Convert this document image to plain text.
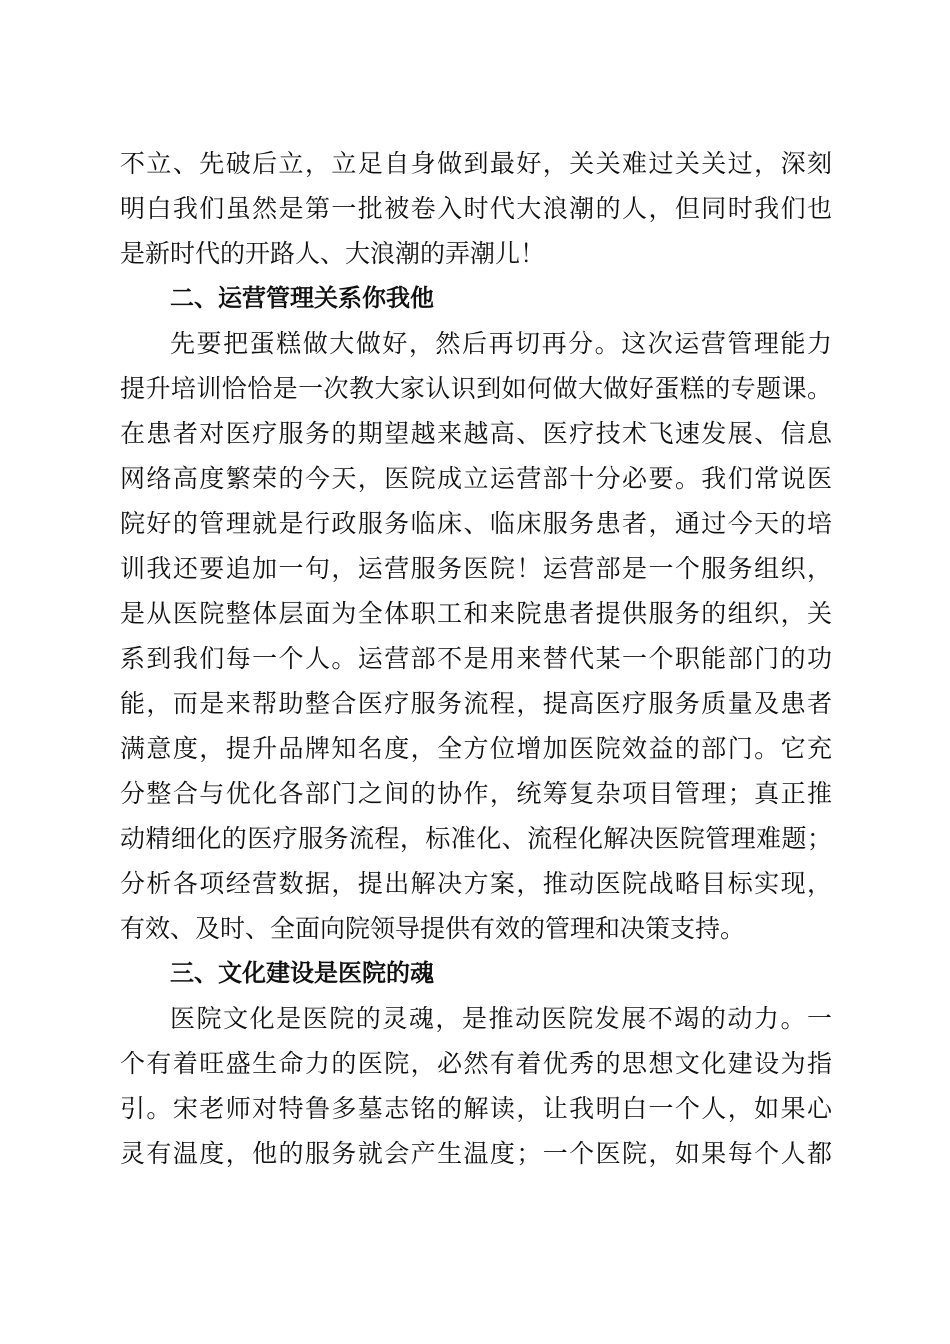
不立、先破后立，立足自身做到最好，关关难过关关过，深刻
明白我们虽然是第一批被卷入时代大浪潮的人，但同时我们也
是新时代的开路人、大浪潮的弄潮儿！
二、运营管理关系你我他
先要把蛋糕做大做好，然后再切再分。这次运营管理能力
提升培训恰恰是一次教大家认识到如何做大做好蛋糕的专题课。
在患者对医疗服务的期望越来越高、医疗技术飞速发展、信息
网络高度繁荣的今天，医院成立运营部十分必要。我们常说医
院好的管理就是行政服务临床、临床服务患者，通过今天的培
训我还要追加一句，运营服务医院！运营部是一个服务组织，
是从医院整体层面为全体职工和来院患者提供服务的组织，关
系到我们每一个人。运营部不是用来替代某一个职能部门的功
能，而是来帮助整合医疗服务流程，提高医疗服务质量及患者
满意度，提升品牌知名度，全方位增加医院效益的部门。它充
分整合与优化各部门之间的协作，统筹复杂项目管理；真正推
动精细化的医疗服务流程，标准化、流程化解决医院管理难题；
分析各项经营数据，提出解决方案，推动医院战略目标实现，
有效、及时、全面向院领导提供有效的管理和决策支持。
三、文化建设是医院的魂
医院文化是医院的灵魂，是推动医院发展不竭的动力。一
个有着旺盛生命力的医院，必然有着优秀的思想文化建设为指
引。宋老师对特鲁多墓志铭的解读，让我明白一个人，如果心
灵有温度，他的服务就会产生温度；一个医院，如果每个人都
